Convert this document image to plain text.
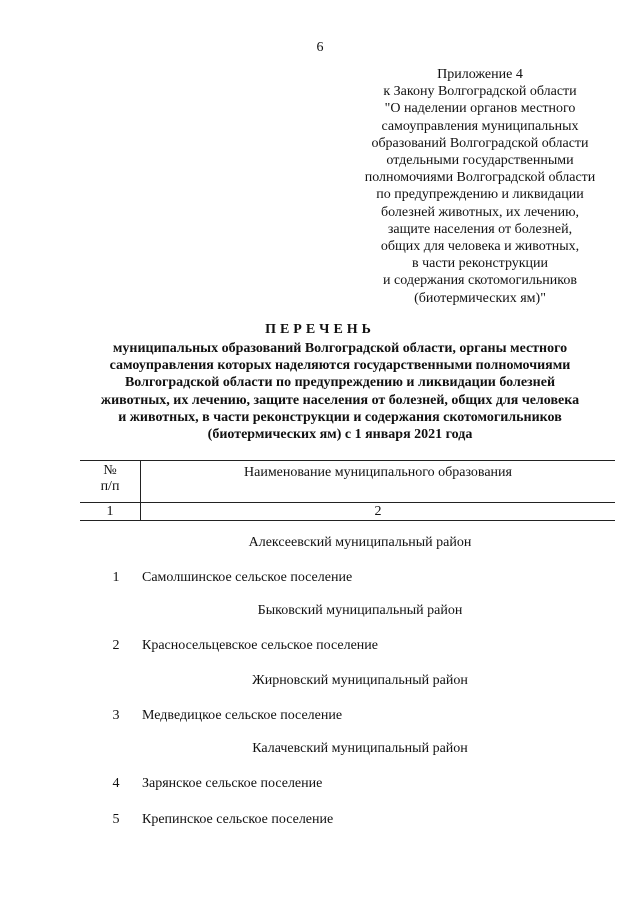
6
Приложение 4
к Закону Волгоградской области
"О наделении органов местного
самоуправления муниципальных
образований Волгоградской области
отдельными государственными
полномочиями Волгоградской области
по предупреждению и ликвидации
болезней животных, их лечению,
защите населения от болезней,
общих для человека и животных,
в части реконструкции
и содержания скотомогильников
(биотермических ям)"
ПЕРЕЧЕНЬ
муниципальных образований Волгоградской области, органы местного
самоуправления которых наделяются государственными полномочиями
Волгоградской области по предупреждению и ликвидации болезней
животных, их лечению, защите населения от болезней, общих для человека
и животных, в части реконструкции и содержания скотомогильников
(биотермических ям) с 1 января 2021 года
№
п/п	Наименование муниципального образования
1	2
Алексеевский муниципальный район
1 Самолшинское сельское поселение
Быковский муниципальный район
2 Красносельцевское сельское поселение
Жирновский муниципальный район
3 Медведицкое сельское поселение
Калачевский муниципальный район
4 Зарянское сельское поселение
5 Крепинское сельское поселение
